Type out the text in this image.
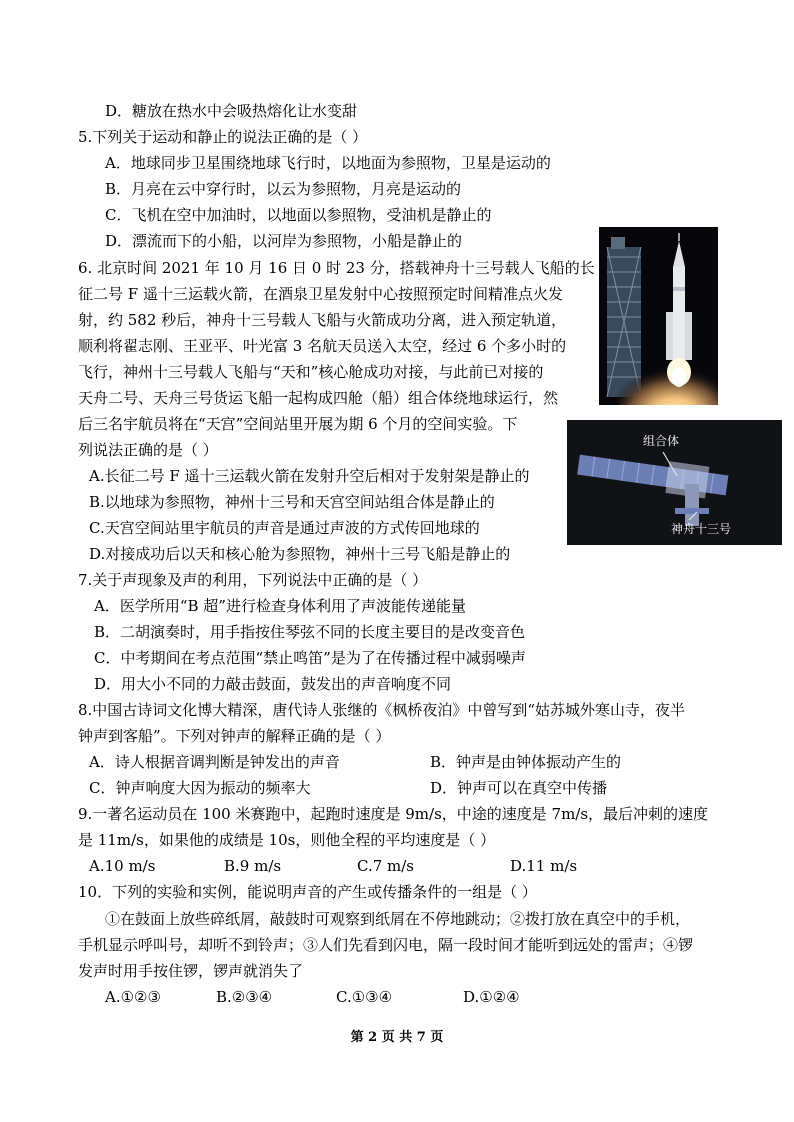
D．糖放在热水中会吸热熔化让水变甜
5.下列关于运动和静止的说法正确的是（ ）
A．地球同步卫星围绕地球飞行时，以地面为参照物，卫星是运动的
B．月亮在云中穿行时，以云为参照物，月亮是运动的
C．飞机在空中加油时，以地面以参照物，受油机是静止的
D．漂流而下的小船，以河岸为参照物，小船是静止的
6. 北京时间 2021 年 10 月 16 日 0 时 23 分，搭载神舟十三号载人飞船的长
征二号 F 遥十三运载火箭，在酒泉卫星发射中心按照预定时间精准点火发
射，约 582 秒后，神舟十三号载人飞船与火箭成功分离，进入预定轨道，
顺利将翟志刚、王亚平、叶光富 3 名航天员送入太空，经过 6 个多小时的
飞行，神州十三号载人飞船与“天和”核心舱成功对接，与此前已对接的
天舟二号、天舟三号货运飞船一起构成四舱（船）组合体绕地球运行，然
后三名宇航员将在“天宫”空间站里开展为期 6 个月的空间实验。下
列说法正确的是（ ）
A.长征二号 F 遥十三运载火箭在发射升空后相对于发射架是静止的
B.以地球为参照物，神州十三号和天宫空间站组合体是静止的
C.天宫空间站里宇航员的声音是通过声波的方式传回地球的
D.对接成功后以天和核心舱为参照物，神州十三号飞船是静止的
组合体
神舟十三号
7.关于声现象及声的利用，下列说法中正确的是（ ）
A．医学所用“B 超”进行检查身体利用了声波能传递能量
B．二胡演奏时，用手指按住琴弦不同的长度主要目的是改变音色
C．中考期间在考点范围“禁止鸣笛”是为了在传播过程中减弱噪声
D．用大小不同的力敲击鼓面，鼓发出的声音响度不同
8.中国古诗词文化博大精深，唐代诗人张继的《枫桥夜泊》中曾写到“姑苏城外寒山寺，夜半
钟声到客船”。下列对钟声的解释正确的是（ ）
A．诗人根据音调判断是钟发出的声音	B．钟声是由钟体振动产生的
C．钟声响度大因为振动的频率大	D．钟声可以在真空中传播
9.一著名运动员在 100 米赛跑中，起跑时速度是 9m/s，中途的速度是 7m/s，最后冲刺的速度
是 11m/s，如果他的成绩是 10s，则他全程的平均速度是（ ）
A.10 m/s	B.9 m/s	C.7 m/s	D.11 m/s
10．下列的实验和实例，能说明声音的产生或传播条件的一组是（ ）
①在鼓面上放些碎纸屑，敲鼓时可观察到纸屑在不停地跳动；②拨打放在真空中的手机，
手机显示呼叫号，却听不到铃声；③人们先看到闪电，隔一段时间才能听到远处的雷声；④锣
发声时用手按住锣，锣声就消失了
A.①②③	B.②③④	C.①③④	D.①②④
第 2 页 共 7 页
